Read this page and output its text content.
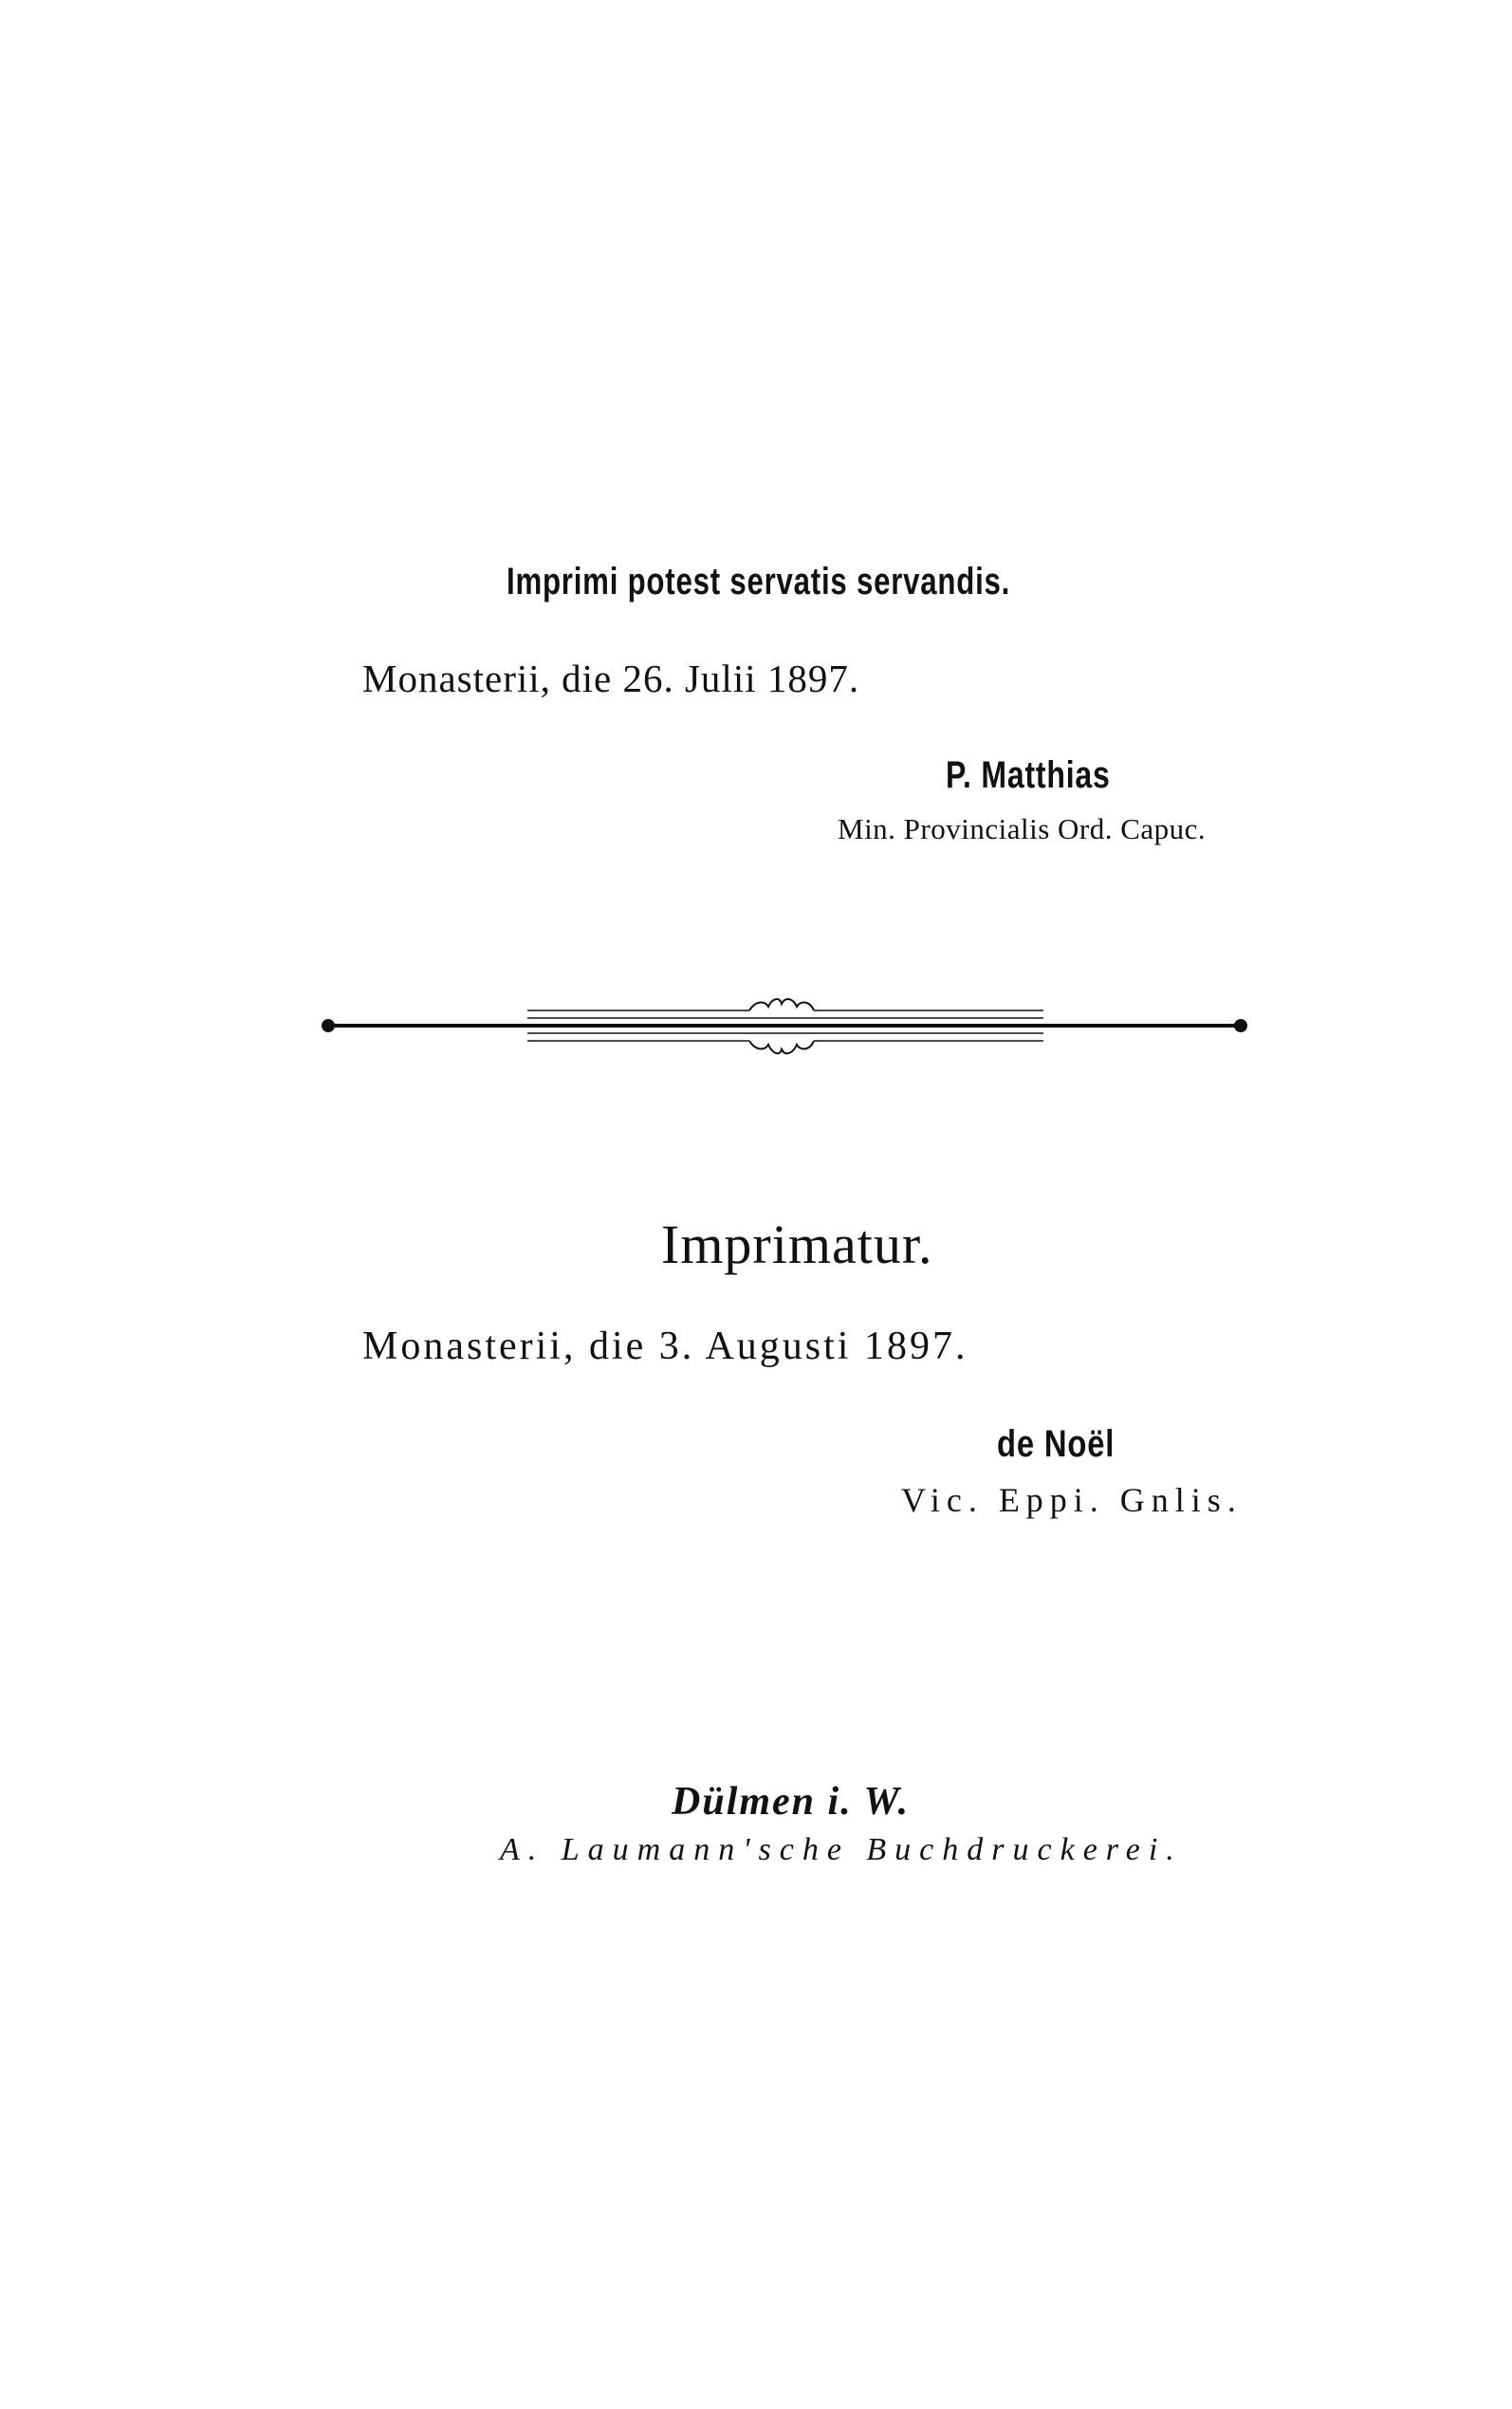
Imprimi potest servatis servandis.
Monasterii, die 26. Julii 1897.
P. Matthias
Min. Provincialis Ord. Capuc.
Imprimatur.
Monasterii, die 3. Augusti 1897.
de Noël
Vic. Eppi. Gnlis.
Dülmen i. W.
A. Laumann'sche Buchdruckerei.
